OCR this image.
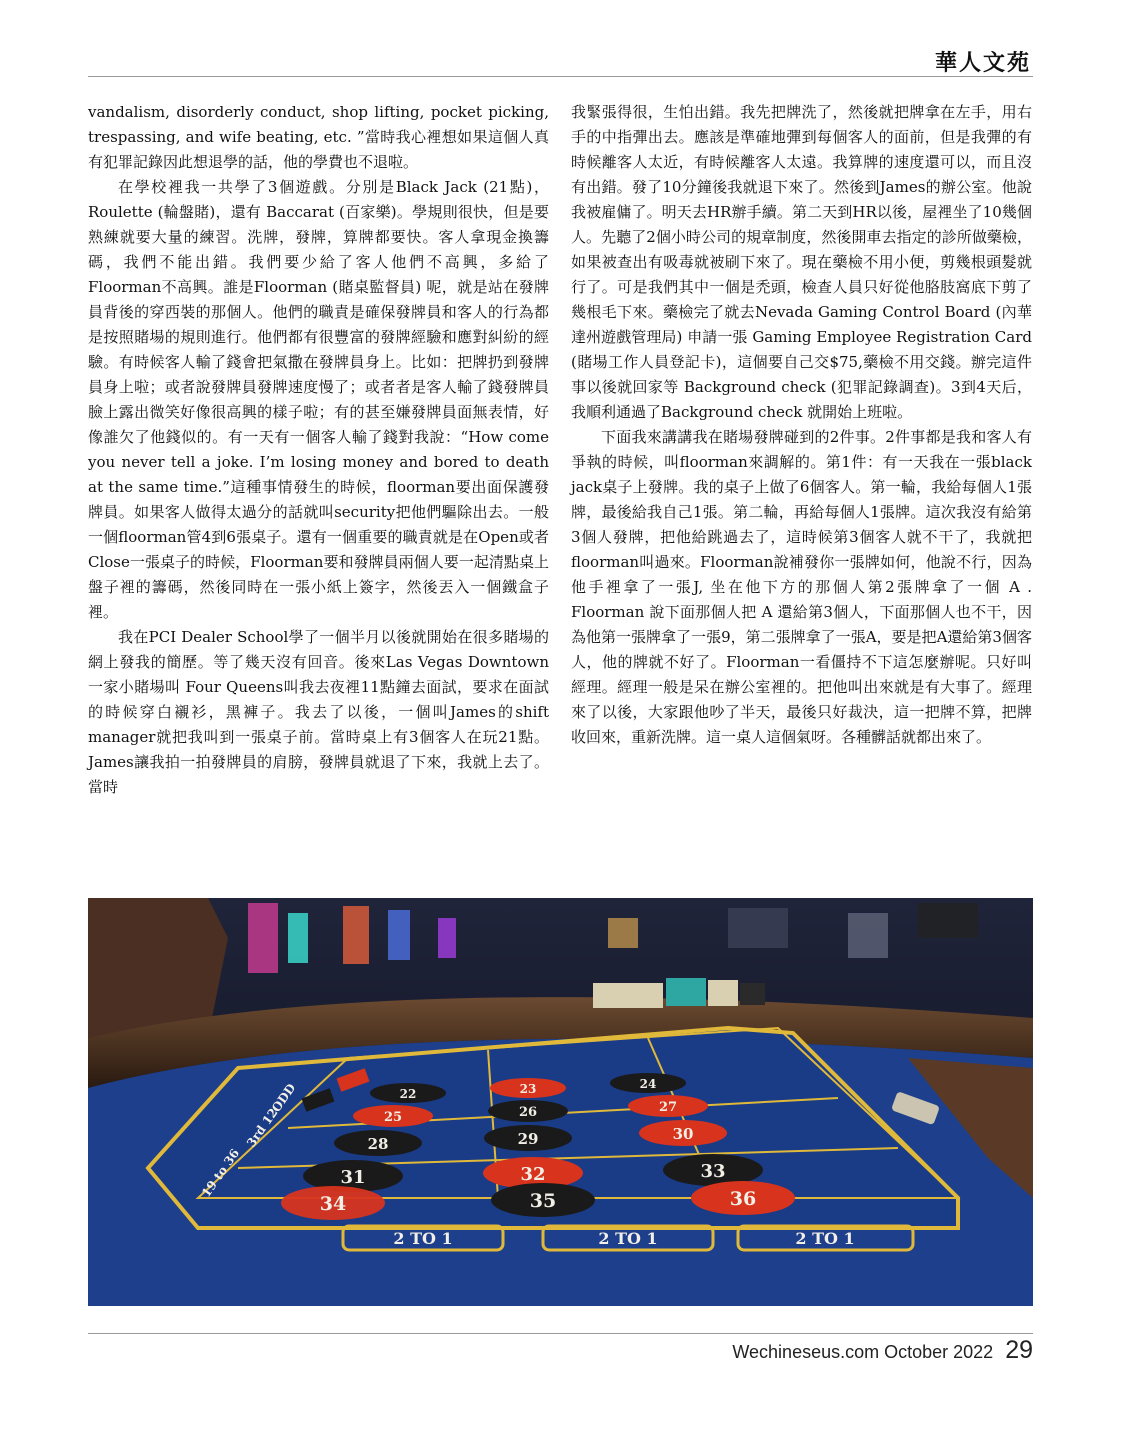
華人文苑

vandalism, disorderly conduct, shop lifting, pocket picking, trespassing, and wife beating, etc. ”當時我心裡想如果這個人真有犯罪記錄因此想退學的話，他的學費也不退啦。

在學校裡我一共學了3個遊戲。分別是Black Jack (21點)，Roulette (輪盤賭)，還有 Baccarat (百家樂)。學規則很快，但是要熟練就要大量的練習。洗牌，發牌，算牌都要快。客人拿現金換籌碼，我們不能出錯。我們要少給了客人他們不高興，多給了Floorman不高興。誰是Floorman (賭桌監督員) 呢，就是站在發牌員背後的穿西裝的那個人。他們的職責是確保發牌員和客人的行為都是按照賭場的規則進行。他們都有很豐富的發牌經驗和應對糾紛的經驗。有時候客人輸了錢會把氣撒在發牌員身上。比如：把牌扔到發牌員身上啦；或者說發牌員發牌速度慢了；或者者是客人輸了錢發牌員臉上露出微笑好像很高興的樣子啦；有的甚至嫌發牌員面無表情，好像誰欠了他錢似的。有一天有一個客人輸了錢對我說：“How come you never tell a joke. I’m losing money and bored to death at the same time.”這種事情發生的時候，floorman要出面保護發牌員。如果客人做得太過分的話就叫security把他們驅除出去。一般一個floorman管4到6張桌子。還有一個重要的職責就是在Open或者Close一張桌子的時候，Floorman要和發牌員兩個人要一起清點桌上盤子裡的籌碼，然後同時在一張小紙上簽字，然後丟入一個鐵盒子裡。

我在PCI Dealer School學了一個半月以後就開始在很多賭場的網上發我的簡歷。等了幾天沒有回音。後來Las Vegas Downtown 一家小賭場叫 Four Queens叫我去夜裡11點鐘去面試，要求在面試的時候穿白襯衫，黑褲子。我去了以後，一個叫James的shift manager就把我叫到一張桌子前。當時桌上有3個客人在玩21點。James讓我拍一拍發牌員的肩膀，發牌員就退了下來，我就上去了。當時

我緊張得很，生怕出錯。我先把牌洗了，然後就把牌拿在左手，用右手的中指彈出去。應該是準確地彈到每個客人的面前，但是我彈的有時候離客人太近，有時候離客人太遠。我算牌的速度還可以，而且沒有出錯。發了10分鐘後我就退下來了。然後到James的辦公室。他說我被雇傭了。明天去HR辦手續。第二天到HR以後，屋裡坐了10幾個人。先聽了2個小時公司的規章制度，然後開車去指定的診所做藥檢，如果被查出有吸毒就被刷下來了。現在藥檢不用小便，剪幾根頭髮就行了。可是我們其中一個是禿頭，檢查人員只好從他胳肢窩底下剪了幾根毛下來。藥檢完了就去Nevada Gaming Control Board (內華達州遊戲管理局) 申請一張 Gaming Employee Registration Card (賭場工作人員登記卡)，這個要自己交$75,藥檢不用交錢。辦完這件事以後就回家等 Background check (犯罪記錄調查)。3到4天后，我順利通過了Background check 就開始上班啦。

下面我來講講我在賭場發牌碰到的2件事。2件事都是我和客人有爭執的時候，叫floorman來調解的。第1件：有一天我在一張black jack桌子上發牌。我的桌子上做了6個客人。第一輪，我給每個人1張牌，最後給我自己1張。第二輪，再給每個人1張牌。這次我沒有給第3個人發牌，把他給跳過去了，這時候第3個客人就不干了，我就把floorman叫過來。Floorman說補發你一張牌如何，他說不行，因為他手裡拿了一張J, 坐在他下方的那個人第2張牌拿了一個 A . Floorman 說下面那個人把 A 還給第3個人，下面那個人也不干，因為他第一張牌拿了一張9，第二張牌拿了一張A，要是把A還給第3個客人，他的牌就不好了。Floorman一看僵持不下這怎麼辦呢。只好叫經理。經理一般是呆在辦公室裡的。把他叫出來就是有大事了。經理來了以後，大家跟他吵了半天，最後只好裁決，這一把牌不算，把牌收回來，重新洗牌。這一桌人這個氣呀。各種髒話就都出來了。

22	23	24
25	26	27
28	29	30
31	32	33
34	35	36
2 TO 1	2 TO 1	2 TO 1
ODD
3rd 12
19 to 36
Wechineseus.com October 2022 29
